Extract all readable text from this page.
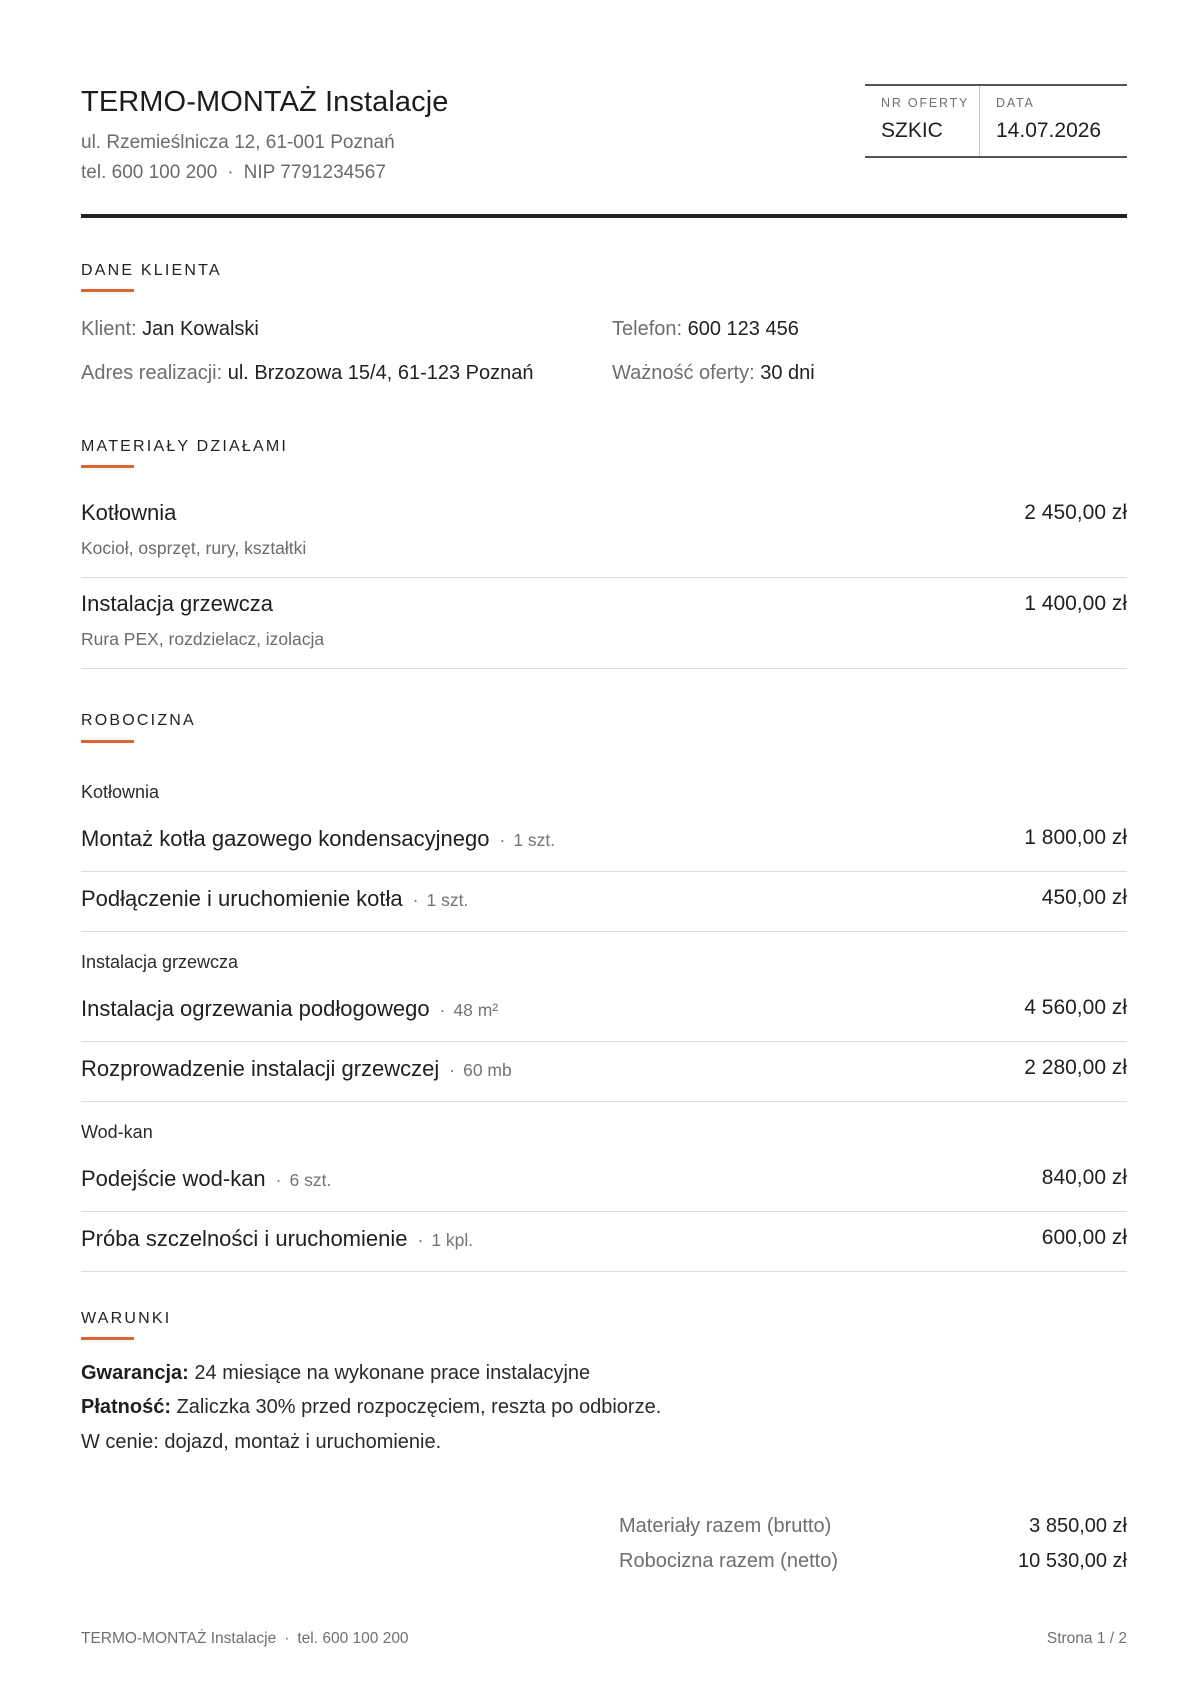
TERMO-MONTAŻ Instalacje
ul. Rzemieślnicza 12, 61-001 Poznań
tel. 600 100 200 · NIP 7791234567
NR OFERTY
SZKIC
DATA
14.07.2026
DANE KLIENTA
Klient: Jan Kowalski	Telefon: 600 123 456
Adres realizacji: ul. Brzozowa 15/4, 61-123 Poznań	Ważność oferty: 30 dni
MATERIAŁY DZIAŁAMI
Kotłownia
Kocioł, osprzęt, rury, kształtki
2 450,00 zł
Instalacja grzewcza
Rura PEX, rozdzielacz, izolacja
1 400,00 zł
ROBOCIZNA
Kotłownia
Montaż kotła gazowego kondensacyjnego · 1 szt.	1 800,00 zł
Podłączenie i uruchomienie kotła · 1 szt.	450,00 zł
Instalacja grzewcza
Instalacja ogrzewania podłogowego · 48 m²	4 560,00 zł
Rozprowadzenie instalacji grzewczej · 60 mb	2 280,00 zł
Wod-kan
Podejście wod-kan · 6 szt.	840,00 zł
Próba szczelności i uruchomienie · 1 kpl.	600,00 zł
WARUNKI
Gwarancja: 24 miesiące na wykonane prace instalacyjne
Płatność: Zaliczka 30% przed rozpoczęciem, reszta po odbiorze.
W cenie: dojazd, montaż i uruchomienie.
Materiały razem (brutto)	3 850,00 zł
Robocizna razem (netto)	10 530,00 zł
TERMO-MONTAŻ Instalacje · tel. 600 100 200	Strona 1 / 2
